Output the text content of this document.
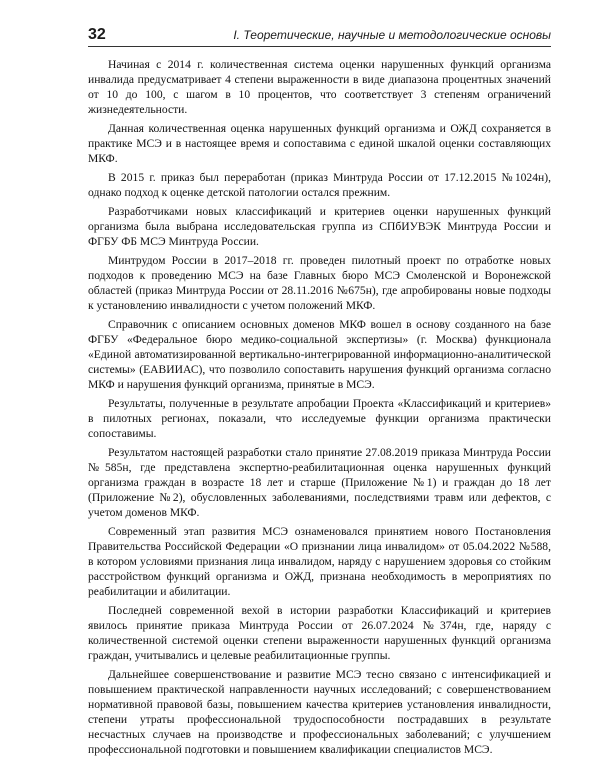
32	I. Теоретические, научные и методологические основы

Начиная с 2014 г. количественная система оценки нарушенных функций организма инвалида предусматривает 4 степени выраженности в виде диапазона процентных значений от 10 до 100, с шагом в 10 процентов, что соответствует 3 степеням ограничений жизнедеятельности.

Данная количественная оценка нарушенных функций организма и ОЖД сохраняется в практике МСЭ и в настоящее время и сопоставима с единой шкалой оценки составляющих МКФ.

В 2015 г. приказ был переработан (приказ Минтруда России от 17.12.2015 №1024н), однако подход к оценке детской патологии остался прежним.

Разработчиками новых классификаций и критериев оценки нарушенных функций организма была выбрана исследовательская группа из СПбИУВЭК Минтруда России и ФГБУ ФБ МСЭ Минтруда России.

Минтрудом России в 2017–2018 гг. проведен пилотный проект по отработке новых подходов к проведению МСЭ на базе Главных бюро МСЭ Смоленской и Воронежской областей (приказ Минтруда России от 28.11.2016 №675н), где апробированы новые подходы к установлению инвалидности с учетом положений МКФ.

Справочник с описанием основных доменов МКФ вошел в основу созданного на базе ФГБУ «Федеральное бюро медико-социальной экспертизы» (г. Москва) функционала «Единой автоматизированной вертикально-интегрированной информационно-аналитической системы» (ЕАВИИАС), что позволило сопоставить нарушения функций организма согласно МКФ и нарушения функций организма, принятые в МСЭ.

Результаты, полученные в результате апробации Проекта «Классификаций и критериев» в пилотных регионах, показали, что исследуемые функции организма практически сопоставимы.

Результатом настоящей разработки стало принятие 27.08.2019 приказа Минтруда России №585н, где представлена экспертно-реабилитационная оценка нарушенных функций организма граждан в возрасте 18 лет и старше (Приложение №1) и граждан до 18 лет (Приложение №2), обусловленных заболеваниями, последствиями травм или дефектов, с учетом доменов МКФ.

Современный этап развития МСЭ ознаменовался принятием нового Постановления Правительства Российской Федерации «О признании лица инвалидом» от 05.04.2022 №588, в котором условиями признания лица инвалидом, наряду с нарушением здоровья со стойким расстройством функций организма и ОЖД, признана необходимость в мероприятиях по реабилитации и абилитации.

Последней современной вехой в истории разработки Классификаций и критериев явилось принятие приказа Минтруда России от 26.07.2024 №374н, где, наряду с количественной системой оценки степени выраженности нарушенных функций организма граждан, учитывались и целевые реабилитационные группы.

Дальнейшее совершенствование и развитие МСЭ тесно связано с интенсификацией и повышением практической направленности научных исследований; с совершенствованием нормативной правовой базы, повышением качества критериев установления инвалидности, степени утраты профессиональной трудоспособности пострадавших в результате несчастных случаев на производстве и профессиональных заболеваний; с улучшением профессиональной подготовки и повышением квалификации специалистов МСЭ.
